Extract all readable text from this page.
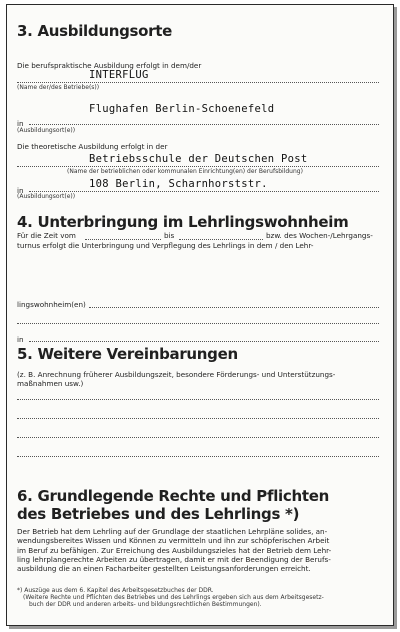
3. Ausbildungsorte
Die berufspraktische Ausbildung erfolgt in dem/der
INTERFLUG
(Name der/des Betriebe(s))
Flughafen Berlin-Schoenefeld
in
(Ausbildungsort(e))
Die theoretische Ausbildung erfolgt in der
Betriebsschule der Deutschen Post
(Name der betrieblichen oder kommunalen Einrichtung(en) der Berufsbildung)
108 Berlin, Scharnhorststr.
in
(Ausbildungsort(e))
4. Unterbringung im Lehrlingswohnheim
Für die Zeit vom	bis	bzw. des Wochen-/Lehrgangs-
turnus erfolgt die Unterbringung und Verpflegung des Lehrlings in dem / den Lehr-
lingswohnheim(en)
in
5. Weitere Vereinbarungen
(z. B. Anrechnung früherer Ausbildungszeit, besondere Förderungs- und Unterstützungs-
maßnahmen usw.)
6. Grundlegende Rechte und Pflichten
des Betriebes und des Lehrlings *)
Der Betrieb hat dem Lehrling auf der Grundlage der staatlichen Lehrpläne solides, an-
wendungsbereites Wissen und Können zu vermitteln und ihn zur schöpferischen Arbeit
im Beruf zu befähigen. Zur Erreichung des Ausbildungszieles hat der Betrieb dem Lehr-
ling lehrplangerechte Arbeiten zu übertragen, damit er mit der Beendigung der Berufs-
ausbildung die an einen Facharbeiter gestellten Leistungsanforderungen erreicht.
*) Auszüge aus dem 6. Kapitel des Arbeitsgesetzbuches der DDR.
(Weitere Rechte und Pflichten des Betriebes und des Lehrlings ergeben sich aus dem Arbeitsgesetz-
buch der DDR und anderen arbeits- und bildungsrechtlichen Bestimmungen).
